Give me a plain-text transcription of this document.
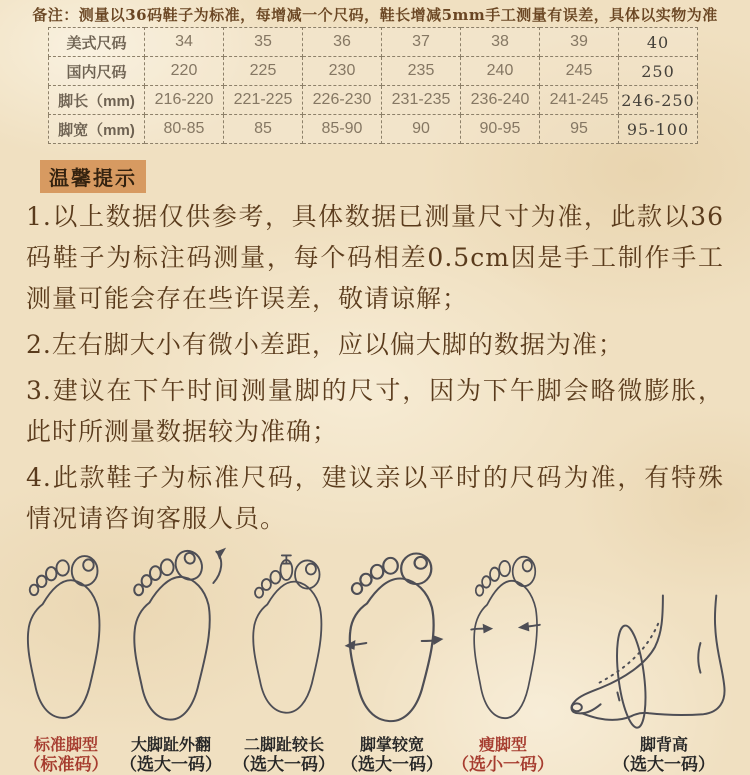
备注：测量以36码鞋子为标准，每增减一个尺码，鞋长增减5mm手工测量有误差，具体以实物为准
美式尺码	34	35	36	37	38	39	40
国内尺码	220	225	230	235	240	245	250
脚长（mm)	216-220	221-225	226-230	231-235	236-240	241-245	246-250
脚宽（mm)	80-85	85	85-90	90	90-95	95	95-100
温馨提示

1.以上数据仅供参考，具体数据已测量尺寸为准，此款以36码鞋子为标注码测量，每个码相差0.5cm因是手工制作手工测量可能会存在些许误差，敬请谅解；

2.左右脚大小有微小差距，应以偏大脚的数据为准；

3.建议在下午时间测量脚的尺寸，因为下午脚会略微膨胀，此时所测量数据较为准确；

4.此款鞋子为标准尺码，建议亲以平时的尺码为准，有特殊情况请咨询客服人员。

标准脚型
（标准码）
大脚趾外翻
（选大一码）
二脚趾较长
（选大一码）
脚掌较宽
（选大一码）
瘦脚型
（选小一码）
脚背高
（选大一码）
